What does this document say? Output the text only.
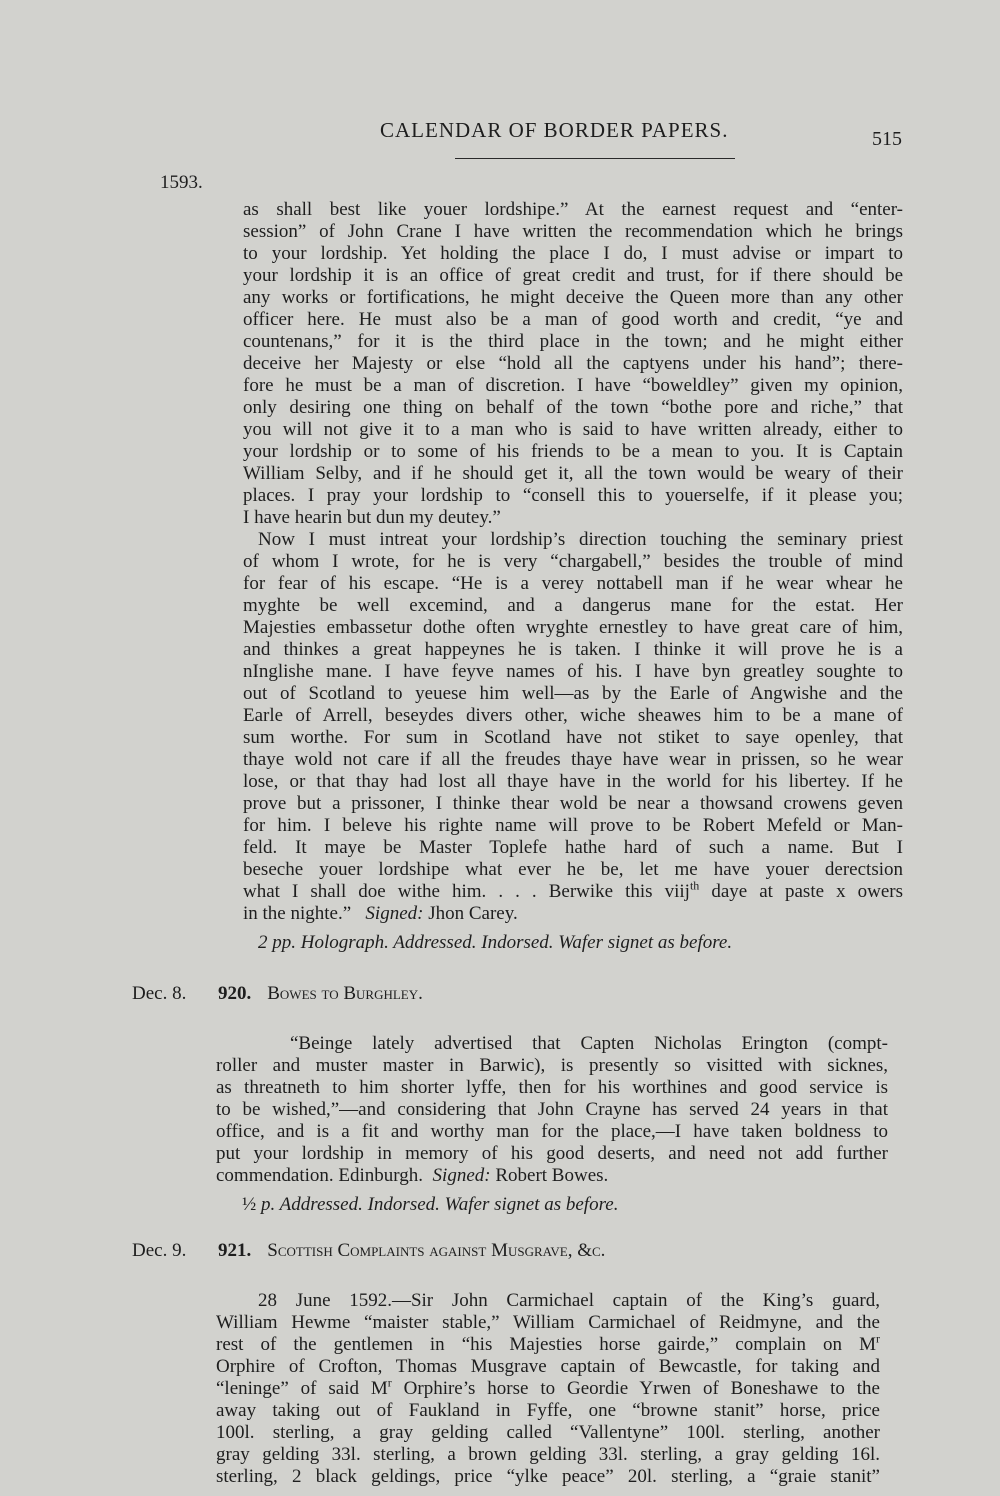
CALENDAR OF BORDER PAPERS.	515
1593.
as shall best like youer lordshipe.” At the earnest request and “enter-
session” of John Crane I have written the recommendation which he brings
to your lordship. Yet holding the place I do, I must advise or impart to
your lordship it is an office of great credit and trust, for if there should be
any works or fortifications, he might deceive the Queen more than any other
officer here. He must also be a man of good worth and credit, “ye and
countenans,” for it is the third place in the town; and he might either
deceive her Majesty or else “hold all the captyens under his hand”; there-
fore he must be a man of discretion. I have “boweldley” given my opinion,
only desiring one thing on behalf of the town “bothe pore and riche,” that
you will not give it to a man who is said to have written already, either to
your lordship or to some of his friends to be a mean to you. It is Captain
William Selby, and if he should get it, all the town would be weary of their
places. I pray your lordship to “consell this to youerselfe, if it please you;
I have hearin but dun my deutey.”
Now I must intreat your lordship’s direction touching the seminary priest
of whom I wrote, for he is very “chargabell,” besides the trouble of mind
for fear of his escape. “He is a verey nottabell man if he wear whear he
myghte be well excemind, and a dangerus mane for the estat. Her
Majesties embassetur dothe often wryghte ernestley to have great care of him,
and thinkes a great happeynes he is taken. I thinke it will prove he is a
nInglishe mane. I have feyve names of his. I have byn greatley soughte to
out of Scotland to yeuese him well—as by the Earle of Angwishe and the
Earle of Arrell, beseydes divers other, wiche sheawes him to be a mane of
sum worthe. For sum in Scotland have not stiket to saye openley, that
thaye wold not care if all the freudes thaye have wear in prissen, so he wear
lose, or that thay had lost all thaye have in the world for his libertey. If he
prove but a prissoner, I thinke thear wold be near a thowsand crowens geven
for him. I beleve his righte name will prove to be Robert Mefeld or Man-
feld. It maye be Master Toplefe hathe hard of such a name. But I
beseche youer lordshipe what ever he be, let me have youer derectsion
what I shall doe withe him. . . . Berwike this viij$^{th}$ daye at paste x owers
in the nighte.” Signed: Jhon Carey.
2 pp. Holograph. Addressed. Indorsed. Wafer signet as before.
Dec. 8. 920. Bowes to Burghley.
“Beinge lately advertised that Capten Nicholas Erington (compt-
roller and muster master in Barwic), is presently so visitted with sicknes,
as threatneth to him shorter lyffe, then for his worthines and good service is
to be wished,”—and considering that John Crayne has served 24 years in that
office, and is a fit and worthy man for the place,—I have taken boldness to
put your lordship in memory of his good deserts, and need not add further
commendation. Edinburgh. Signed: Robert Bowes.
½ p. Addressed. Indorsed. Wafer signet as before.
Dec. 9. 921. Scottish Complaints against Musgrave, &c.
28 June 1592.—Sir John Carmichael captain of the King’s guard,
William Hewme “maister stable,” William Carmichael of Reidmyne, and the
rest of the gentlemen in “his Majesties horse gairde,” complain on $M^r$
Orphire of Crofton, Thomas Musgrave captain of Bewcastle, for taking and
“leninge” of said $M^r$ Orphire’s horse to Geordie Yrwen of Boneshawe to the
away taking out of Faukland in Fyffe, one “browne stanit” horse, price
100l. sterling, a gray gelding called “Vallentyne” 100l. sterling, another
gray gelding 33l. sterling, a brown gelding 33l. sterling, a gray gelding 16l.
sterling, 2 black geldings, price “ylke peace” 20l. sterling, a “graie stanit”
